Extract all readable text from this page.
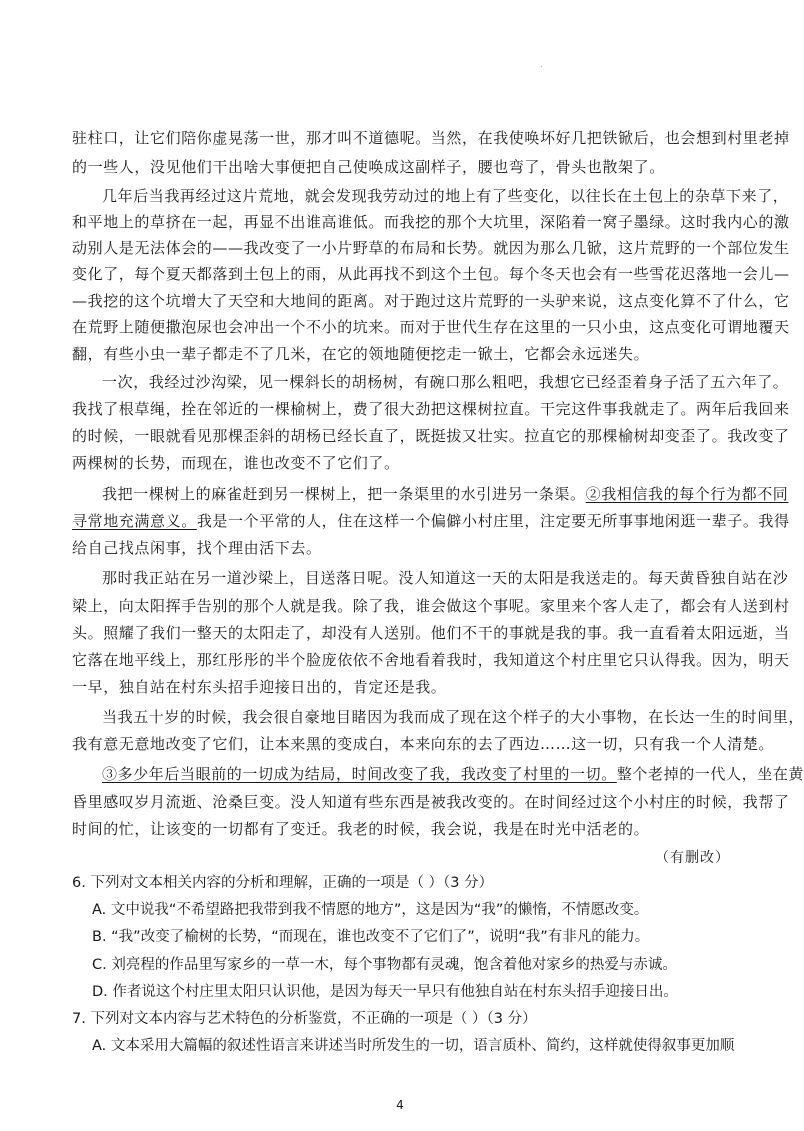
·
驻柱口，让它们陪你虚晃荡一世，那才叫不道德呢。当然，在我使唤坏好几把铁锨后，也会想到村里老掉
的一些人，没见他们干出啥大事便把自己使唤成这副样子，腰也弯了，骨头也散架了。
几年后当我再经过这片荒地，就会发现我劳动过的地上有了些变化，以往长在土包上的杂草下来了，
和平地上的草挤在一起，再显不出谁高谁低。而我挖的那个大坑里，深陷着一窝子墨绿。这时我内心的激
动别人是无法体会的——我改变了一小片野草的布局和长势。就因为那么几锨，这片荒野的一个部位发生
变化了，每个夏天都落到土包上的雨，从此再找不到这个土包。每个冬天也会有一些雪花迟落地一会儿—
—我挖的这个坑增大了天空和大地间的距离。对于跑过这片荒野的一头驴来说，这点变化算不了什么，它
在荒野上随便撒泡尿也会冲出一个不小的坑来。而对于世代生存在这里的一只小虫，这点变化可谓地覆天
翻，有些小虫一辈子都走不了几米，在它的领地随便挖走一锨土，它都会永远迷失。
一次，我经过沙沟梁，见一棵斜长的胡杨树，有碗口那么粗吧，我想它已经歪着身子活了五六年了。
我找了根草绳，拴在邻近的一棵榆树上，费了很大劲把这棵树拉直。干完这件事我就走了。两年后我回来
的时候，一眼就看见那棵歪斜的胡杨已经长直了，既挺拔又壮实。拉直它的那棵榆树却变歪了。我改变了
两棵树的长势，而现在，谁也改变不了它们了。
我把一棵树上的麻雀赶到另一棵树上，把一条渠里的水引进另一条渠。②我相信我的每个行为都不同
寻常地充满意义。我是一个平常的人，住在这样一个偏僻小村庄里，注定要无所事事地闲逛一辈子。我得
给自己找点闲事，找个理由活下去。
那时我正站在另一道沙梁上，目送落日呢。没人知道这一天的太阳是我送走的。每天黄昏独自站在沙
梁上，向太阳挥手告别的那个人就是我。除了我，谁会做这个事呢。家里来个客人走了，都会有人送到村
头。照耀了我们一整天的太阳走了，却没有人送别。他们不干的事就是我的事。我一直看着太阳远逝，当
它落在地平线上，那红彤彤的半个脸庞依依不舍地看着我时，我知道这个村庄里它只认得我。因为，明天
一早，独自站在村东头招手迎接日出的，肯定还是我。
当我五十岁的时候，我会很自豪地目睹因为我而成了现在这个样子的大小事物，在长达一生的时间里，
我有意无意地改变了它们，让本来黑的变成白，本来向东的去了西边……这一切，只有我一个人清楚。
③多少年后当眼前的一切成为结局，时间改变了我，我改变了村里的一切。整个老掉的一代人，坐在黄
昏里感叹岁月流逝、沧桑巨变。没人知道有些东西是被我改变的。在时间经过这个小村庄的时候，我帮了
时间的忙，让该变的一切都有了变迁。我老的时候，我会说，我是在时光中活老的。
（有删改）
6. 下列对文本相关内容的分析和理解，正确的一项是（ ）（3 分）
A. 文中说我“不希望路把我带到我不情愿的地方”，这是因为“我”的懒惰，不情愿改变。
B. “我”改变了榆树的长势，“而现在，谁也改变不了它们了”，说明“我”有非凡的能力。
C. 刘亮程的作品里写家乡的一草一木，每个事物都有灵魂，饱含着他对家乡的热爱与赤诚。
D. 作者说这个村庄里太阳只认识他，是因为每天一早只有他独自站在村东头招手迎接日出。
7. 下列对文本内容与艺术特色的分析鉴赏，不正确的一项是（ ）（3 分）
A. 文本采用大篇幅的叙述性语言来讲述当时所发生的一切，语言质朴、简约，这样就使得叙事更加顺
4
